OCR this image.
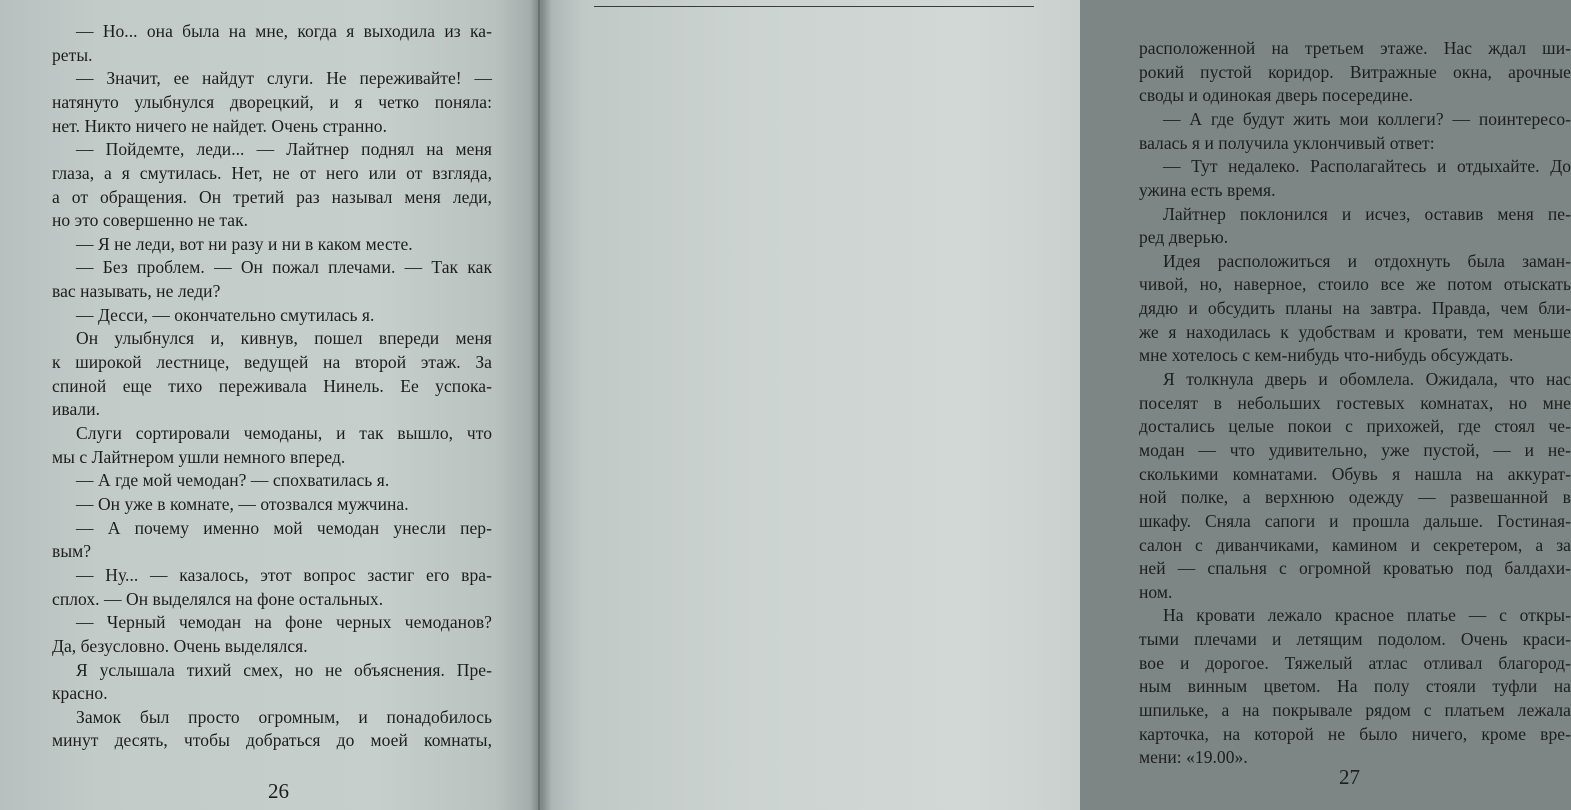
— Но... она была на мне, когда я выходила из ка-
реты.
— Значит, ее найдут слуги. Не переживайте! —
натянуто улыбнулся дворецкий, и я четко поняла:
нет. Никто ничего не найдет. Очень странно.
— Пойдемте, леди... — Лайтнер поднял на меня
глаза, а я смутилась. Нет, не от него или от взгляда,
а от обращения. Он третий раз называл меня леди,
но это совершенно не так.
— Я не леди, вот ни разу и ни в каком месте.
— Без проблем. — Он пожал плечами. — Так как
вас называть, не леди?
— Десси, — окончательно смутилась я.
Он улыбнулся и, кивнув, пошел впереди меня
к широкой лестнице, ведущей на второй этаж. За
спиной еще тихо переживала Нинель. Ее успока-
ивали.
Слуги сортировали чемоданы, и так вышло, что
мы с Лайтнером ушли немного вперед.
— А где мой чемодан? — спохватилась я.
— Он уже в комнате, — отозвался мужчина.
— А почему именно мой чемодан унесли пер-
вым?
— Ну... — казалось, этот вопрос застиг его вра-
сплох. — Он выделялся на фоне остальных.
— Черный чемодан на фоне черных чемоданов?
Да, безусловно. Очень выделялся.
Я услышала тихий смех, но не объяснения. Пре-
красно.
Замок был просто огромным, и понадобилось
минут десять, чтобы добраться до моей комнаты,
26
расположенной на третьем этаже. Нас ждал ши-
рокий пустой коридор. Витражные окна, арочные
своды и одинокая дверь посередине.
— А где будут жить мои коллеги? — поинтересо-
валась я и получила уклончивый ответ:
— Тут недалеко. Располагайтесь и отдыхайте. До
ужина есть время.
Лайтнер поклонился и исчез, оставив меня пе-
ред дверью.
Идея расположиться и отдохнуть была заман-
чивой, но, наверное, стоило все же потом отыскать
дядю и обсудить планы на завтра. Правда, чем бли-
же я находилась к удобствам и кровати, тем меньше
мне хотелось с кем-нибудь что-нибудь обсуждать.
Я толкнула дверь и обомлела. Ожидала, что нас
поселят в небольших гостевых комнатах, но мне
достались целые покои с прихожей, где стоял че-
модан — что удивительно, уже пустой, — и не-
сколькими комнатами. Обувь я нашла на аккурат-
ной полке, а верхнюю одежду — развешанной в
шкафу. Сняла сапоги и прошла дальше. Гостиная-
салон с диванчиками, камином и секретером, а за
ней — спальня с огромной кроватью под балдахи-
ном.
На кровати лежало красное платье — с откры-
тыми плечами и летящим подолом. Очень краси-
вое и дорогое. Тяжелый атлас отливал благород-
ным винным цветом. На полу стояли туфли на
шпильке, а на покрывале рядом с платьем лежала
карточка, на которой не было ничего, кроме вре-
мени: «19.00».
27
